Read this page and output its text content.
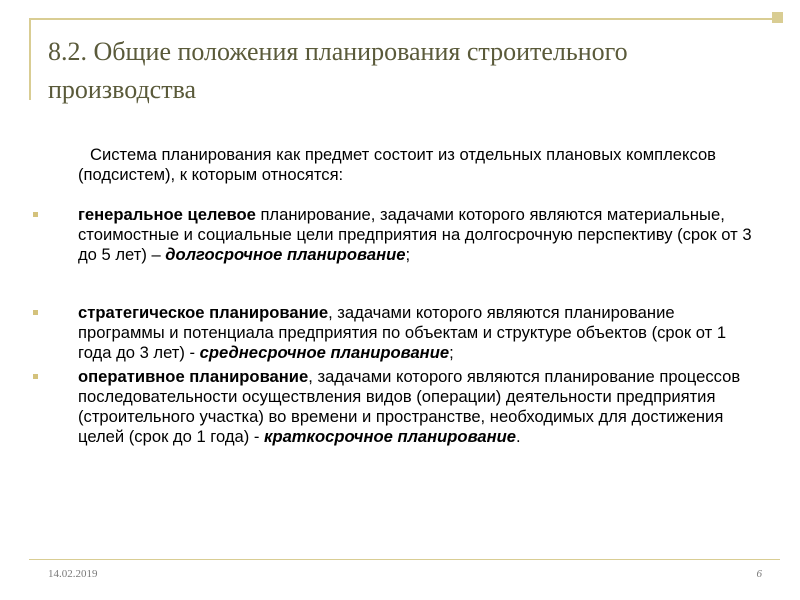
8.2. Общие положения планирования строительного производства

Система планирования как предмет состоит из отдельных плановых комплексов (подсистем), к которым относятся:

генеральное целевое планирование, задачами которого являются материальные, стоимостные и социальные цели предприятия на долгосрочную перспективу (срок от 3 до 5 лет) – долгосрочное планирование;

стратегическое планирование, задачами которого являются планирование программы и потенциала предприятия по объектам и структуре объектов (срок от 1 года до 3 лет) - среднесрочное планирование;

оперативное планирование, задачами которого являются планирование процессов последовательности осуществления видов (операции) деятельности предприятия (строительного участка) во времени и пространстве, необходимых для достижения целей (срок до 1 года) - краткосрочное планирование.

14.02.2019	6
